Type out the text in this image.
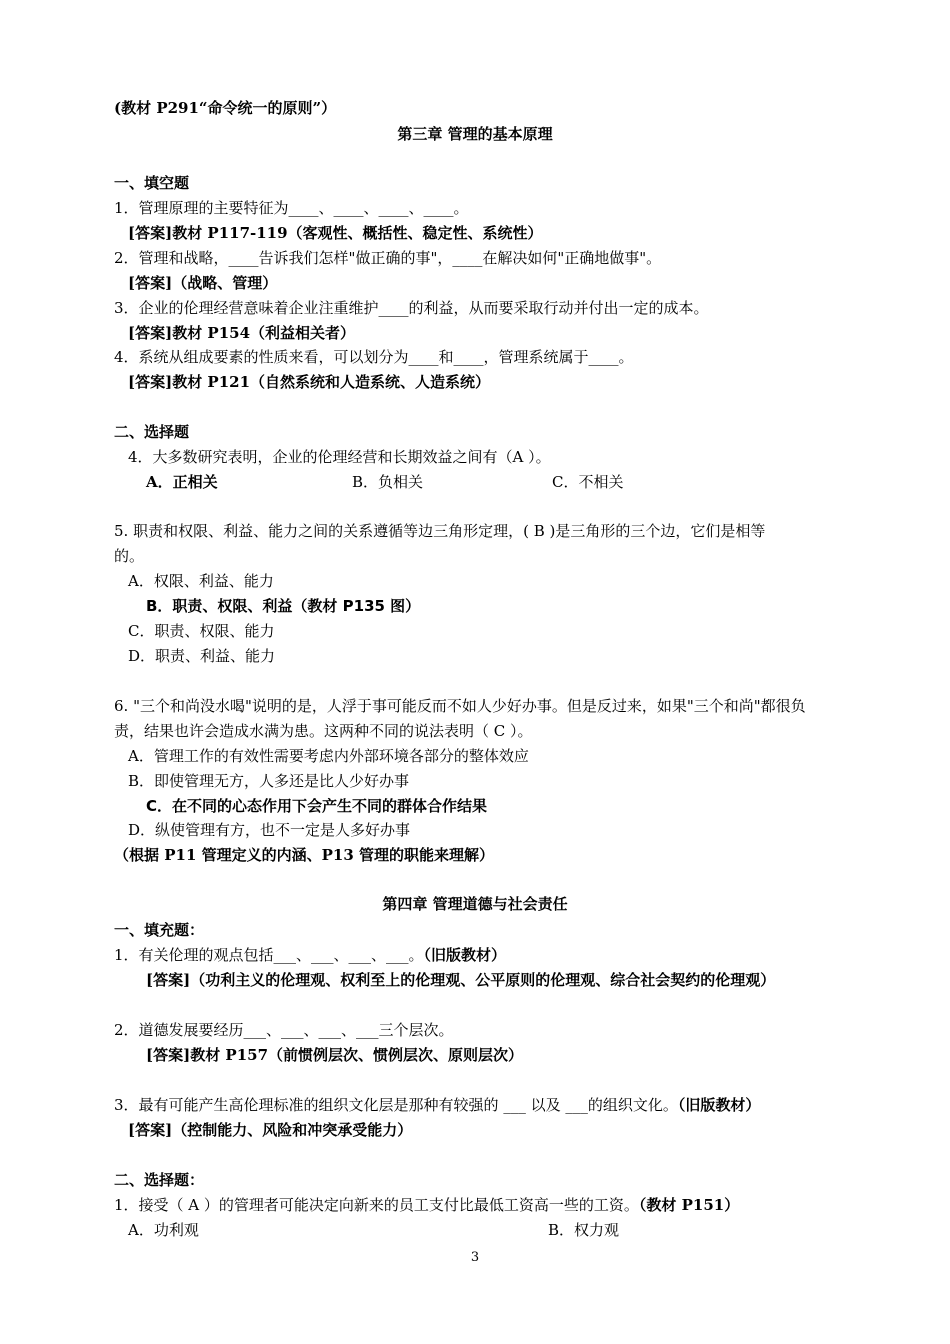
(教材 P291“命令统一的原则”）
第三章 管理的基本原理
一、填空题
1．管理原理的主要特征为____、____、____、____。
[答案]教材 P117-119（客观性、概括性、稳定性、系统性）
2．管理和战略，____告诉我们怎样"做正确的事"，____在解决如何"正确地做事"。
[答案]（战略、管理）
3．企业的伦理经营意味着企业注重维护____的利益，从而要采取行动并付出一定的成本。
[答案]教材 P154（利益相关者）
4．系统从组成要素的性质来看，可以划分为____和____，管理系统属于____。
[答案]教材 P121（自然系统和人造系统、人造系统）
二、选择题
4．大多数研究表明，企业的伦理经营和长期效益之间有（A ）。
A．正相关	B．负相关	C．不相关
5. 职责和权限、利益、能力之间的关系遵循等边三角形定理，( B )是三角形的三个边，它们是相等
的。
A．权限、利益、能力
B．职责、权限、利益（教材 P135 图）
C．职责、权限、能力
D．职责、利益、能力
6. "三个和尚没水喝"说明的是，人浮于事可能反而不如人少好办事。但是反过来，如果"三个和尚"都很负
责，结果也许会造成水满为患。这两种不同的说法表明（ C ）。
A．管理工作的有效性需要考虑内外部环境各部分的整体效应
B．即使管理无方，人多还是比人少好办事
C．在不同的心态作用下会产生不同的群体合作结果
D．纵使管理有方，也不一定是人多好办事
（根据 P11 管理定义的内涵、P13 管理的职能来理解）
第四章 管理道德与社会责任
一、填充题：
1．有关伦理的观点包括___、___、___、___。（旧版教材）
[答案]（功利主义的伦理观、权利至上的伦理观、公平原则的伦理观、综合社会契约的伦理观）
2．道德发展要经历___、___、___、___三个层次。
[答案]教材 P157（前惯例层次、惯例层次、原则层次）
3．最有可能产生高伦理标准的组织文化层是那种有较强的 ___ 以及 ___的组织文化。（旧版教材）
[答案]（控制能力、风险和冲突承受能力）
二、选择题：
1．接受（ A ）的管理者可能决定向新来的员工支付比最低工资高一些的工资。（教材 P151）
A．功利观	B．权力观
3
